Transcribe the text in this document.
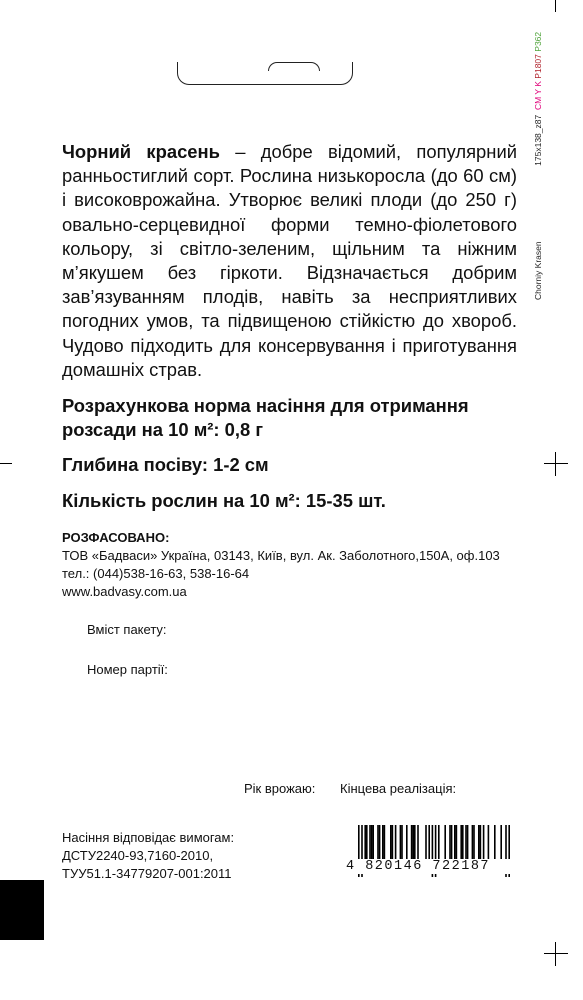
Чорний красень – добре відомий, популярний ранньостиглий сорт. Рослина низькоросла (до 60 см) і високоврожайна. Утворює великі плоди (до 250 г) овально-серцевидної форми темно-фіолетового кольору, зі світло-зеленим, щільним та ніжним м’якушем без гіркоти. Відзначається добрим зав’язуванням плодів, навіть за несприятливих погодних умов, та підвищеною стійкістю до хвороб. Чудово підходить для консервування і приготування домашніх страв.
Розрахункова норма насіння для отримання
розсади на 10 м²: 0,8 г
Глибина посіву: 1-2 см
Кількість рослин на 10 м²: 15-35 шт.
РОЗФАСОВАНО:
ТОВ «Бадваси» Україна, 03143, Київ, вул. Ак. Заболотного,150А, оф.103
тел.: (044)538-16-63, 538-16-64
www.badvasy.com.ua
Вміст пакету:
Номер партії:
Рік врожаю: Кінцева реалізація:
Насіння відповідає вимогам:
ДСТУ2240-93,7160-2010,
ТУУ51.1-34779207-001:2011	4 820146 722187
Chorniy Krasen                                175x138_z87  CM Y K P1807 P362
